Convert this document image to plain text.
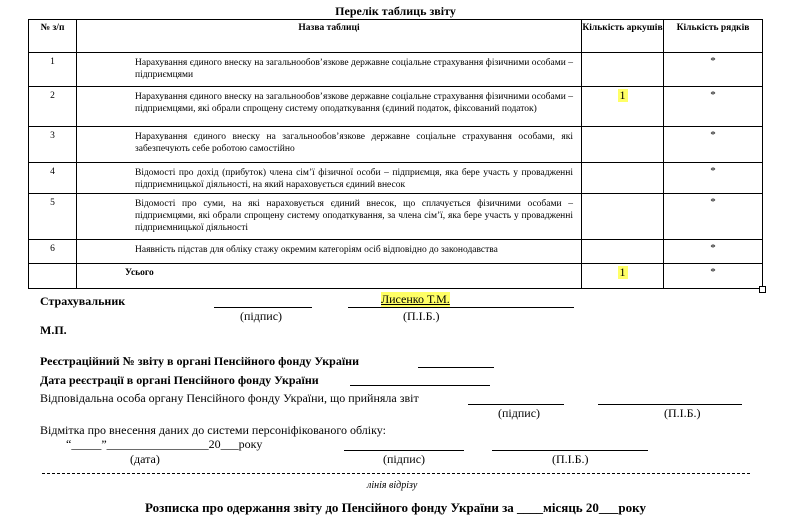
Перелік таблиць звіту
№ з/п	Назва таблиці	Кількість аркушів	Кількість рядків
1	Нарахування єдиного внеску на загальнообов’язкове державне соціальне страхування фізичними особами – підприємцями		*
2	Нарахування єдиного внеску на загальнообов’язкове державне соціальне страхування фізичними особами – підприємцями, які обрали спрощену систему оподаткування (єдиний податок, фіксований податок)	1	*
3	Нарахування єдиного внеску на загальнообов’язкове державне соціальне страхування особами, які забезпечують себе роботою самостійно		*
4	Відомості про дохід (прибуток) члена сім’ї фізичної особи – підприємця, яка бере участь у провадженні підприємницької діяльності, на який нараховується єдиний внесок		*
5	Відомості про суми, на які нараховується єдиний внесок, що сплачується фізичними особами – підприємцями, які обрали спрощену систему оподаткування, за члена сім’ї, яка бере участь у провадженні підприємницької діяльності		*
6	Наявність підстав для обліку стажу окремим категоріям осіб відповідно до законодавства		*
	Усього	1	*
Страхувальник
(підпис)
Лисенко Т.М.
(П.І.Б.)
М.П.
Реєстраційний № звіту в органі Пенсійного фонду України
Дата реєстрації в органі Пенсійного фонду України
Відповідальна особа органу Пенсійного фонду України, що прийняла звіт
(підпис)	(П.І.Б.)
Відмітка про внесення даних до системи персоніфікованого обліку:
“_____”_________________20___року
(дата)	(підпис)	(П.І.Б.)
лінія відрізу
Розписка про одержання звіту до Пенсійного фонду України за ____місяць 20___року
